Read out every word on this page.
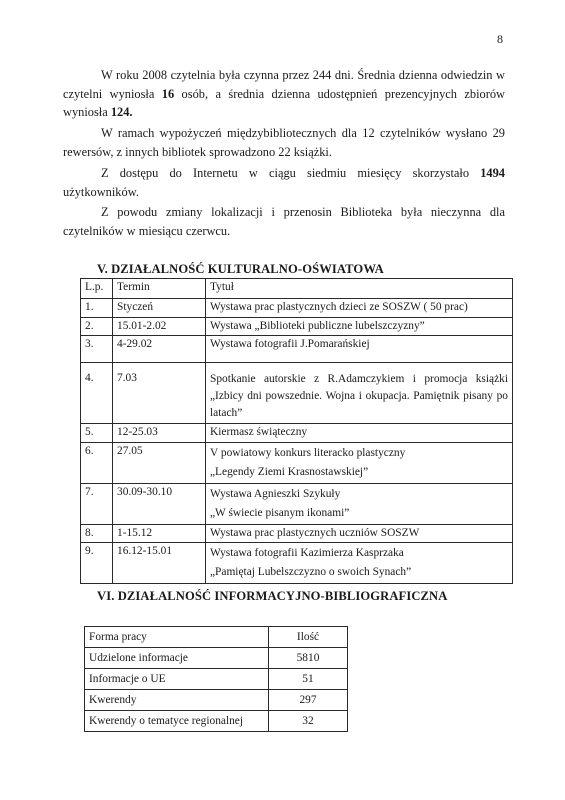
8
W roku 2008 czytelnia była czynna przez 244 dni. Średnia dzienna odwiedzin w czytelni wyniosła 16 osób, a średnia dzienna udostępnień prezencyjnych zbiorów wyniosła 124.
W ramach wypożyczeń międzybibliotecznych dla 12 czytelników wysłano 29 rewersów, z innych bibliotek sprowadzono 22 książki.
Z dostępu do Internetu w ciągu siedmiu miesięcy skorzystało 1494 użytkowników.
Z powodu zmiany lokalizacji i przenosin Biblioteka była nieczynna dla czytelników w miesiącu czerwcu.
V. DZIAŁALNOŚĆ KULTURALNO-OŚWIATOWA
L.p.	Termin	Tytuł
1.	Styczeń	Wystawa prac plastycznych dzieci ze SOSZW ( 50 prac)
2.	15.01-2.02	Wystawa „Biblioteki publiczne lubelszczyzny”
3.	4-29.02	Wystawa fotografii J.Pomarańskiej
4.	7.03	Spotkanie autorskie z R.Adamczykiem i promocja książki „Izbicy dni powszednie. Wojna i okupacja. Pamiętnik pisany po latach”
5.	12-25.03	Kiermasz świąteczny
6.	27.05	V powiatowy konkurs literacko plastyczny
„Legendy Ziemi Krasnostawskiej”

7.	30.09-30.10	Wystawa Agnieszki Szykuły
„W świecie pisanym ikonami”

8.	1-15.12	Wystawa prac plastycznych uczniów SOSZW
9.	16.12-15.01	Wystawa fotografii Kazimierza Kasprzaka
„Pamiętaj Lubelszczyzno o swoich Synach”
VI. DZIAŁALNOŚĆ INFORMACYJNO-BIBLIOGRAFICZNA
Forma pracy	Ilość
Udzielone informacje	5810
Informacje o UE	51
Kwerendy	297
Kwerendy o tematyce regionalnej	32
